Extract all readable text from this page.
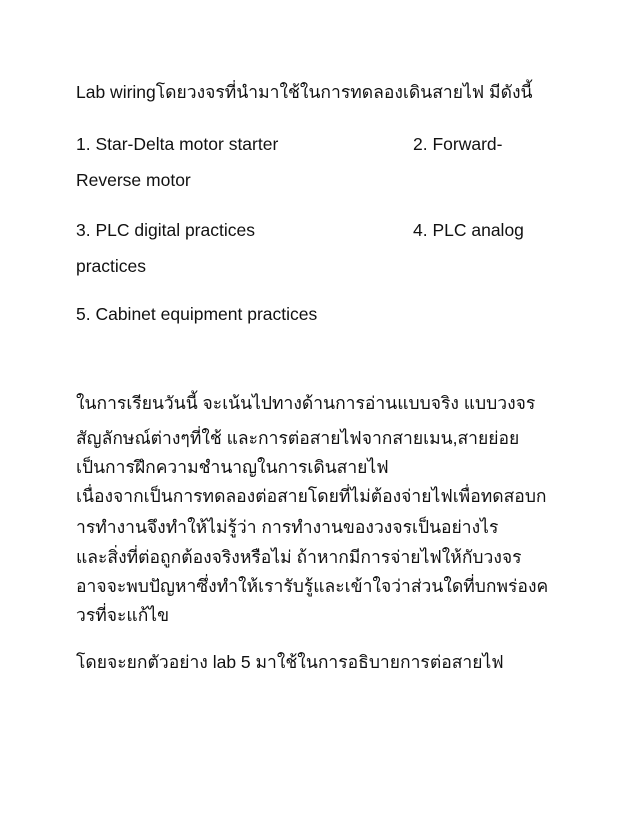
Lab wiringโดยวงจรที่นำมาใช้ในการทดลองเดินสายไฟ มีดังนี้

1. Star-Delta motor starter	2. Forward-

Reverse motor

3. PLC digital practices	4. PLC analog

practices

5. Cabinet equipment practices

ในการเรียนวันนี้ จะเน้นไปทางด้านการอ่านแบบจริง แบบวงจร

สัญลักษณ์ต่างๆที่ใช้ และการต่อสายไฟจากสายเมน,สายย่อย

เป็นการฝึกความชำนาญในการเดินสายไฟ

เนื่องจากเป็นการทดลองต่อสายโดยที่ไม่ต้องจ่ายไฟเพื่อทดสอบก

ารทำงานจึงทำให้ไม่รู้ว่า การทำงานของวงจรเป็นอย่างไร

และสิ่งที่ต่อถูกต้องจริงหรือไม่ ถ้าหากมีการจ่ายไฟให้กับวงจร

อาจจะพบปัญหาซึ่งทำให้เรารับรู้และเข้าใจว่าส่วนใดที่บกพร่องค

วรที่จะแก้ไข

โดยจะยกตัวอย่าง lab 5 มาใช้ในการอธิบายการต่อสายไฟ
